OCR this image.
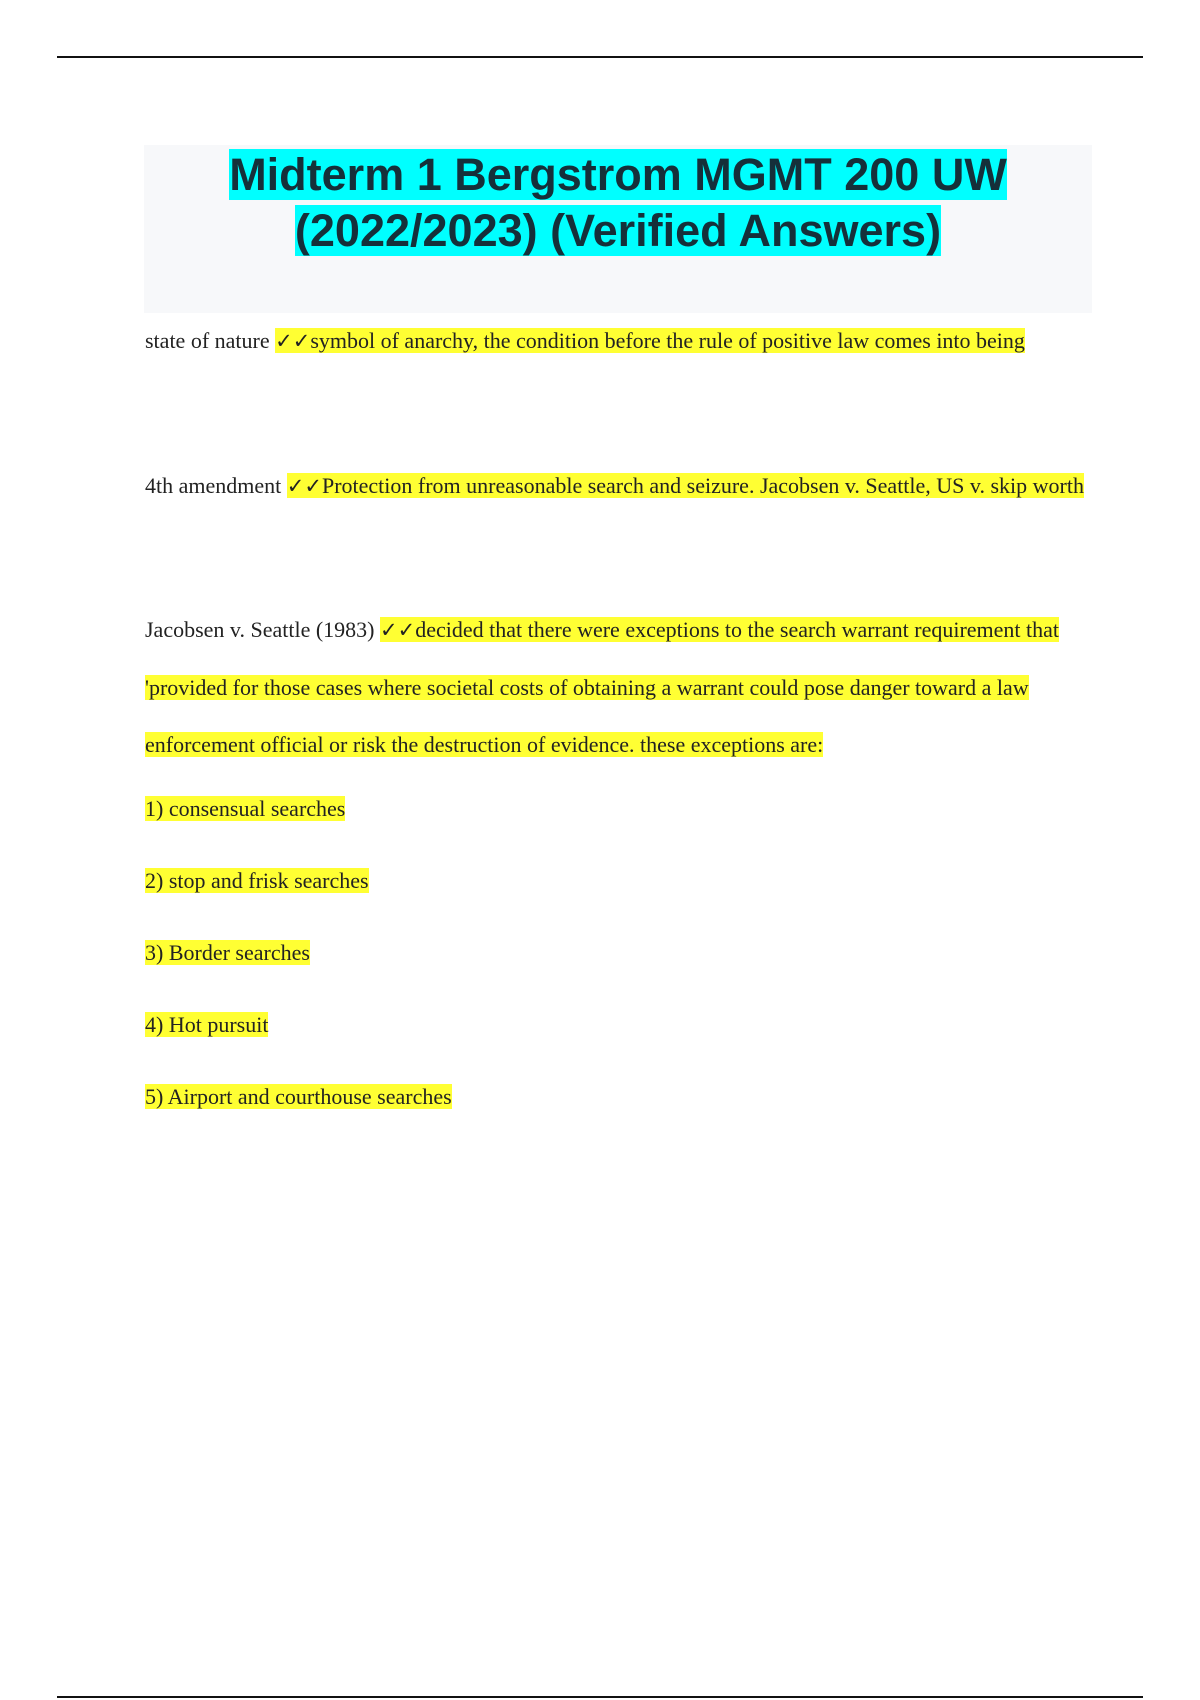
Midterm 1 Bergstrom MGMT 200 UW
(2022/2023) (Verified Answers)

state of nature ✓✓symbol of anarchy, the condition before the rule of positive law comes into being

4th amendment ✓✓Protection from unreasonable search and seizure. Jacobsen v. Seattle, US v. skip worth

Jacobsen v. Seattle (1983) ✓✓decided that there were exceptions to the search warrant requirement that 'provided for those cases where societal costs of obtaining a warrant could pose danger toward a law enforcement official or risk the destruction of evidence. these exceptions are:

1) consensual searches

2) stop and frisk searches

3) Border searches

4) Hot pursuit

5) Airport and courthouse searches
